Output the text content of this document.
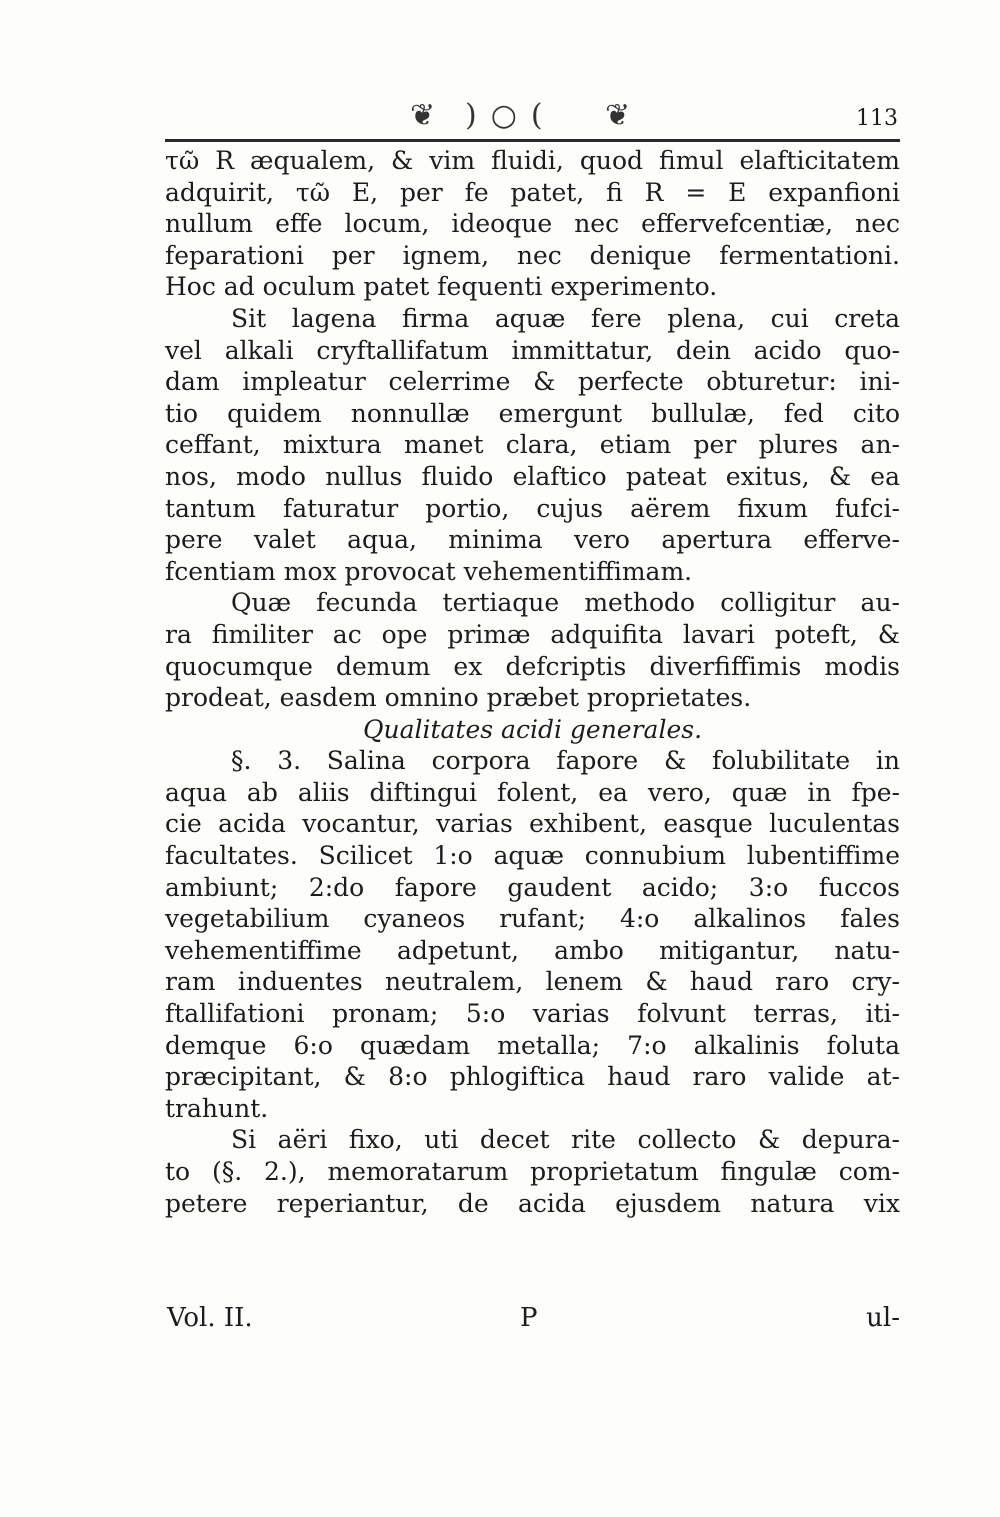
❦ )○( ❦	113
τῶ R æqualem, & vim fluidi, quod fimul elafticitatem
adquirit, τῶ E, per fe patet, fi R = E expanfioni
nullum effe locum, ideoque nec effervefcentiæ, nec
feparationi per ignem, nec denique fermentationi.
Hoc ad oculum patet fequenti experimento.
Sit lagena firma aquæ fere plena, cui creta
vel alkali cryftallifatum immittatur, dein acido quo-
dam impleatur celerrime & perfecte obturetur: ini-
tio quidem nonnullæ emergunt bullulæ, fed cito
ceffant, mixtura manet clara, etiam per plures an-
nos, modo nullus fluido elaftico pateat exitus, & ea
tantum faturatur portio, cujus aërem fixum fufci-
pere valet aqua, minima vero apertura efferve-
fcentiam mox provocat vehementiffimam.
Quæ fecunda tertiaque methodo colligitur au-
ra fimiliter ac ope primæ adquifita lavari poteft, &
quocumque demum ex defcriptis diverfiffimis modis
prodeat, easdem omnino præbet proprietates.
Qualitates acidi generales.
§. 3. Salina corpora fapore & folubilitate in
aqua ab aliis diftingui folent, ea vero, quæ in fpe-
cie acida vocantur, varias exhibent, easque luculentas
facultates. Scilicet 1:o aquæ connubium lubentiffime
ambiunt; 2:do fapore gaudent acido; 3:o fuccos
vegetabilium cyaneos rufant; 4:o alkalinos fales
vehementiffime adpetunt, ambo mitigantur, natu-
ram induentes neutralem, lenem & haud raro cry-
ftallifationi pronam; 5:o varias folvunt terras, iti-
demque 6:o quædam metalla; 7:o alkalinis foluta
præcipitant, & 8:o phlogiftica haud raro valide at-
trahunt.
Si aëri fixo, uti decet rite collecto & depura-
to (§. 2.), memoratarum proprietatum fingulæ com-
petere reperiantur, de acida ejusdem natura vix
Vol. II.	P	ul-
